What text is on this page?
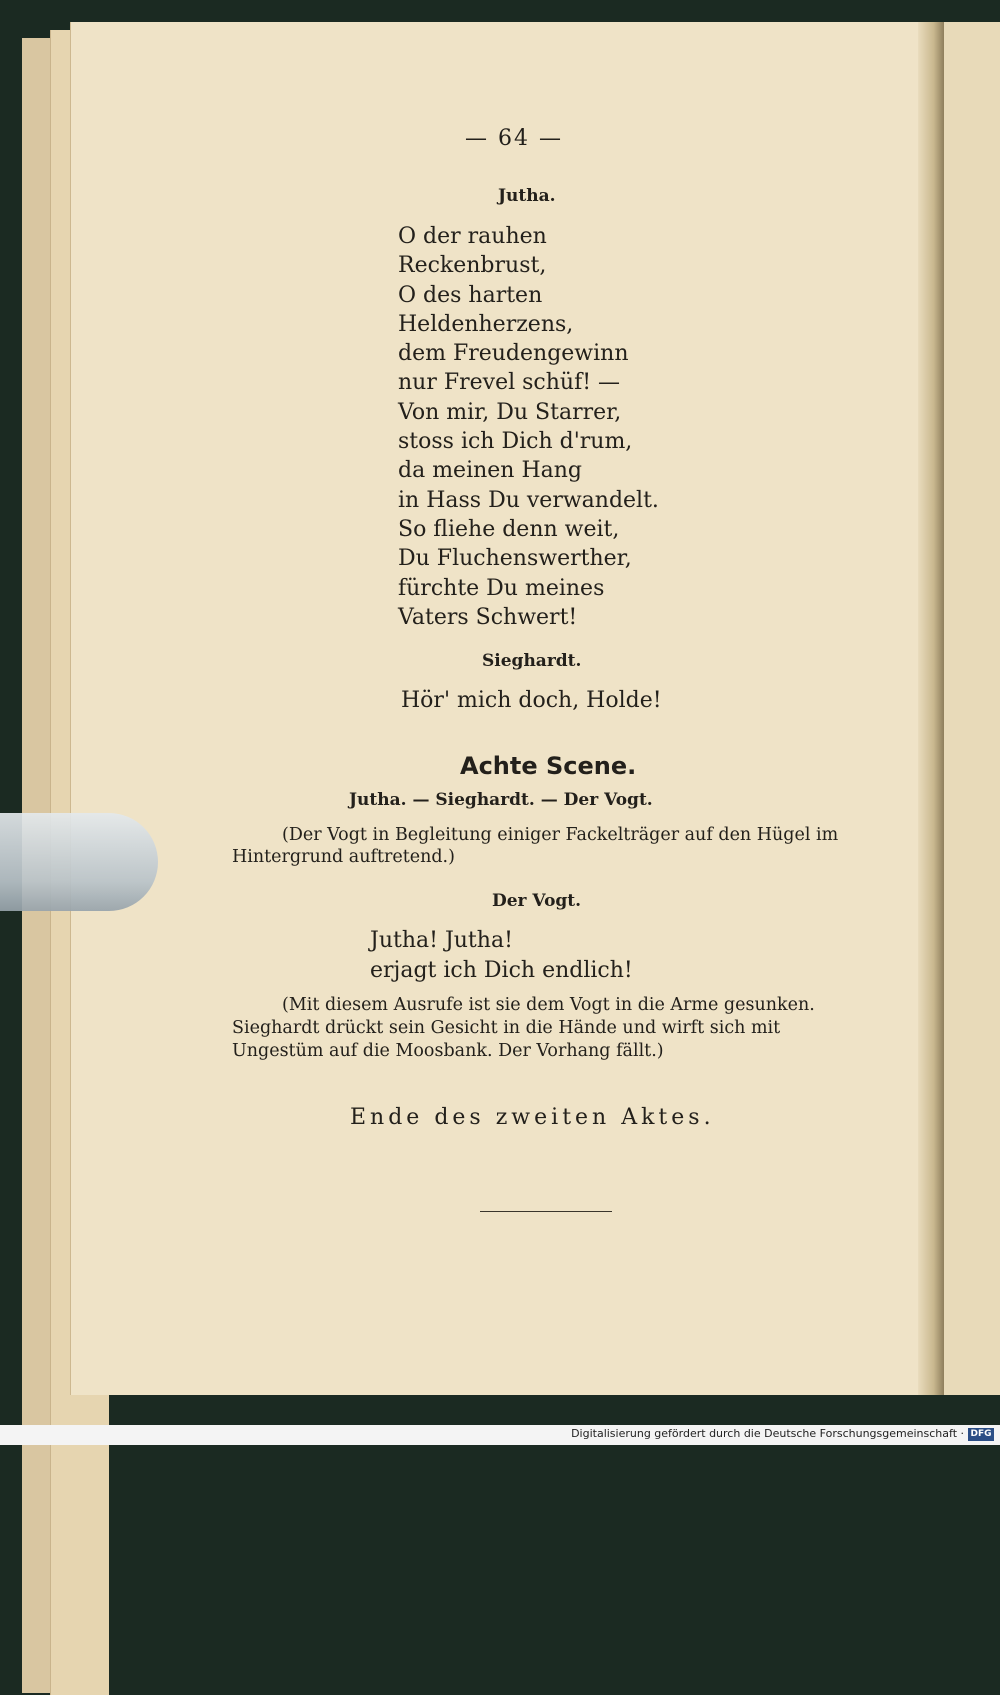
— 64 —
Jutha.
O der rauhen
Reckenbrust,
O des harten
Heldenherzens,
dem Freudengewinn
nur Frevel schüf! —
Von mir, Du Starrer,
stoss ich Dich d'rum,
da meinen Hang
in Hass Du verwandelt.
So fliehe denn weit,
Du Fluchenswerther,
fürchte Du meines
Vaters Schwert!
Sieghardt.
Hör' mich doch, Holde!
Achte Scene.
Jutha. — Sieghardt. — Der Vogt.
(Der Vogt in Begleitung einiger Fackelträger auf den Hügel im Hintergrund auftretend.)
Der Vogt.
Jutha! Jutha!
erjagt ich Dich endlich!
(Mit diesem Ausrufe ist sie dem Vogt in die Arme gesunken. Sieghardt drückt sein Gesicht in die Hände und wirft sich mit Ungestüm auf die Moosbank. Der Vorhang fällt.)
Ende des zweiten Aktes.
Digitalisierung gefördert durch die Deutsche Forschungsgemeinschaft · DFG
